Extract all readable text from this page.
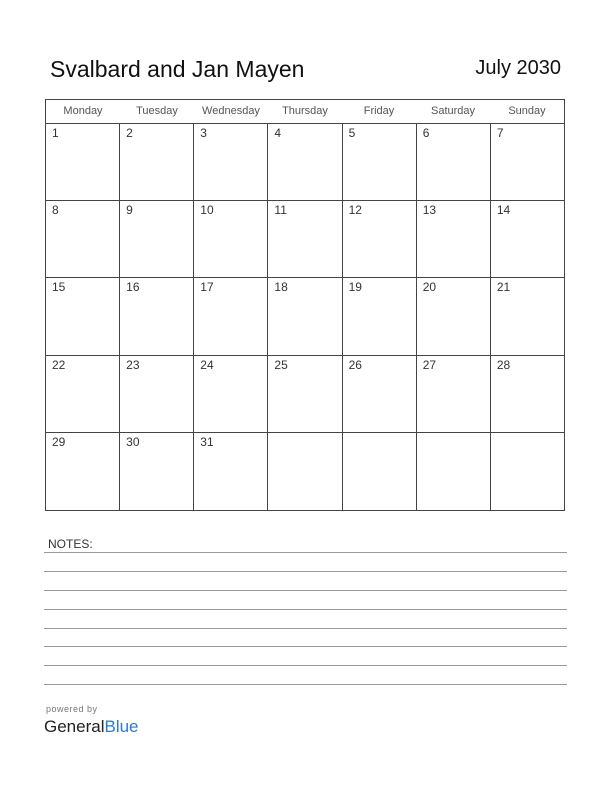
Svalbard and Jan Mayen	July 2030
Monday	Tuesday	Wednesday	Thursday	Friday	Saturday	Sunday
1	2	3	4	5	6	7
8	9	10	11	12	13	14
15	16	17	18	19	20	21
22	23	24	25	26	27	28
29	30	31
NOTES:
powered by
GeneralBlue
